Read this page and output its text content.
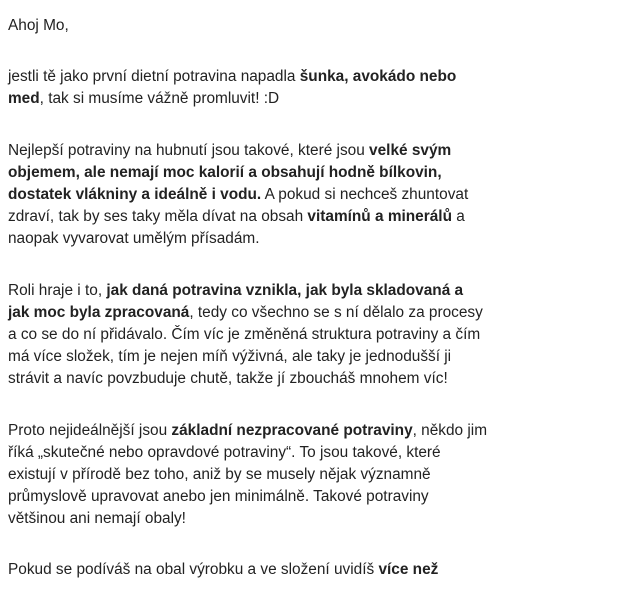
Ahoj Mo,

jestli tě jako první dietní potravina napadla šunka, avokádo nebo med, tak si musíme vážně promluvit! :D

Nejlepší potraviny na hubnutí jsou takové, které jsou velké svým objemem, ale nemají moc kalorií a obsahují hodně bílkovin, dostatek vlákniny a ideálně i vodu. A pokud si nechceš zhuntovat zdraví, tak by ses taky měla dívat na obsah vitamínů a minerálů a naopak vyvarovat umělým přísadám.

Roli hraje i to, jak daná potravina vznikla, jak byla skladovaná a jak moc byla zpracovaná, tedy co všechno se s ní dělalo za procesy a co se do ní přidávalo. Čím víc je změněná struktura potraviny a čím má více složek, tím je nejen míň výživná, ale taky je jednodušší ji strávit a navíc povzbuduje chutě, takže jí zboucháš mnohem víc!

Proto nejideálnější jsou základní nezpracované potraviny, někdo jim říká „skutečné nebo opravdové potraviny“. To jsou takové, které existují v přírodě bez toho, aniž by se musely nějak významně průmyslově upravovat anebo jen minimálně. Takové potraviny většinou ani nemají obaly!

Pokud se podíváš na obal výrobku a ve složení uvidíš více než
